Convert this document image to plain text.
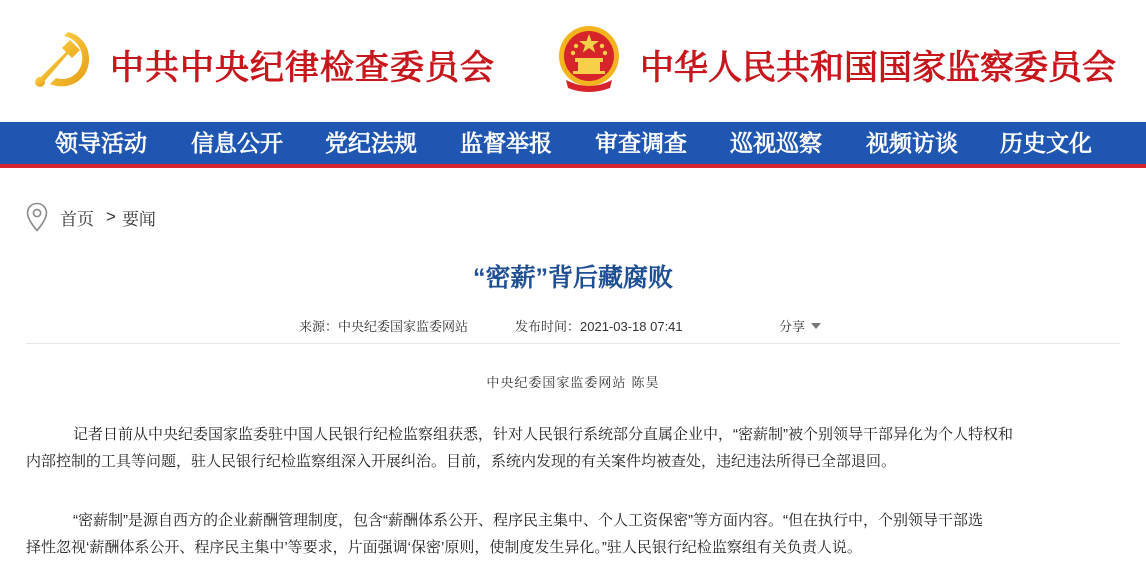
中共中央纪律检查委员会	中华人民共和国国家监察委员会
领导活动 信息公开 党纪法规 监督举报 审查调查 巡视巡察 视频访谈 历史文化
首页 > 要闻
“密薪”背后藏腐败
来源：中央纪委国家监委网站	发布时间：2021-03-18 07:41	分享
中央纪委国家监委网站 陈昊
记者日前从中央纪委国家监委驻中国人民银行纪检监察组获悉，针对人民银行系统部分直属企业中，“密薪制”被个别领导干部异化为个人特权和
内部控制的工具等问题，驻人民银行纪检监察组深入开展纠治。目前，系统内发现的有关案件均被查处，违纪违法所得已全部退回。
“密薪制”是源自西方的企业薪酬管理制度，包含“薪酬体系公开、程序民主集中、个人工资保密”等方面内容。“但在执行中，个别领导干部选
择性忽视‘薪酬体系公开、程序民主集中’等要求，片面强调‘保密’原则，使制度发生异化。”驻人民银行纪检监察组有关负责人说。
